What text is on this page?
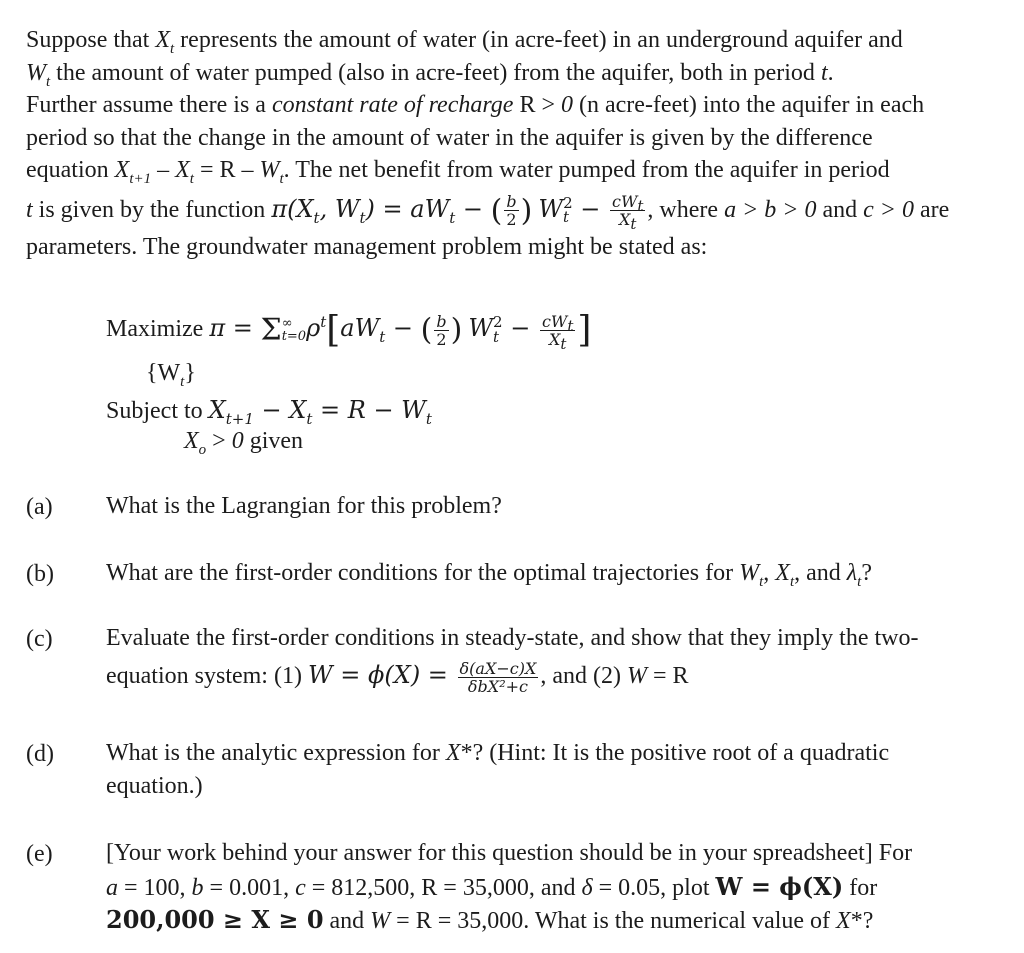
Suppose that $X_t$ represents the amount of water (in acre-feet) in an underground aquifer and
$W_t$ the amount of water pumped (also in acre-feet) from the aquifer, both in period t.
Further assume there is a constant rate of recharge R > 0 (n acre-feet) into the aquifer in each
period so that the change in the amount of water in the aquifer is given by the difference
equation $X_{t+1} - X_t = R - W_t$. The net benefit from water pumped from the aquifer in period
t is given by the function $\pi(X_t$, $W_t) = aW_t$ − ( $\frac{b}{2}$ ) $W_t^2 - \frac{cW_t}{X_t}$ , where a > b > 0 and c > 0 are
parameters. The groundwater management problem might be stated as:
Maximize π = Σ ∞
t=0 $\rho^t[aW_t$ − ( $\frac{b}{2}$ ) $W_t^2 - \frac{cW_t}{X_t}$ ]
$\{W_t\}$
Subject to $X_{t+1} - X_t = R - W_t$
$X_o > 0$ given
(a) What is the Lagrangian for this problem?
(b) What are the first-order conditions for the optimal trajectories for $W_t$, $X_t$, and $\lambda_t$?
(c) Evaluate the first-order conditions in steady-state, and show that they imply the two-
equation system: (1) $W = \phi(X) = \frac{\delta(aX-c)X}{\text{δbX²+c}}$ , and (2) W = R
(d) What is the analytic expression for X*? (Hint: It is the positive root of a quadratic
equation.)
(e) [Your work behind your answer for this question should be in your spreadsheet] For
a = 100, b = 0.001, c = 812,500, R = 35,000, and δ = 0.05, plot W = ϕ(X) for
200,000 ≥ X ≥ 0 and W = R = 35,000. What is the numerical value of X*?
